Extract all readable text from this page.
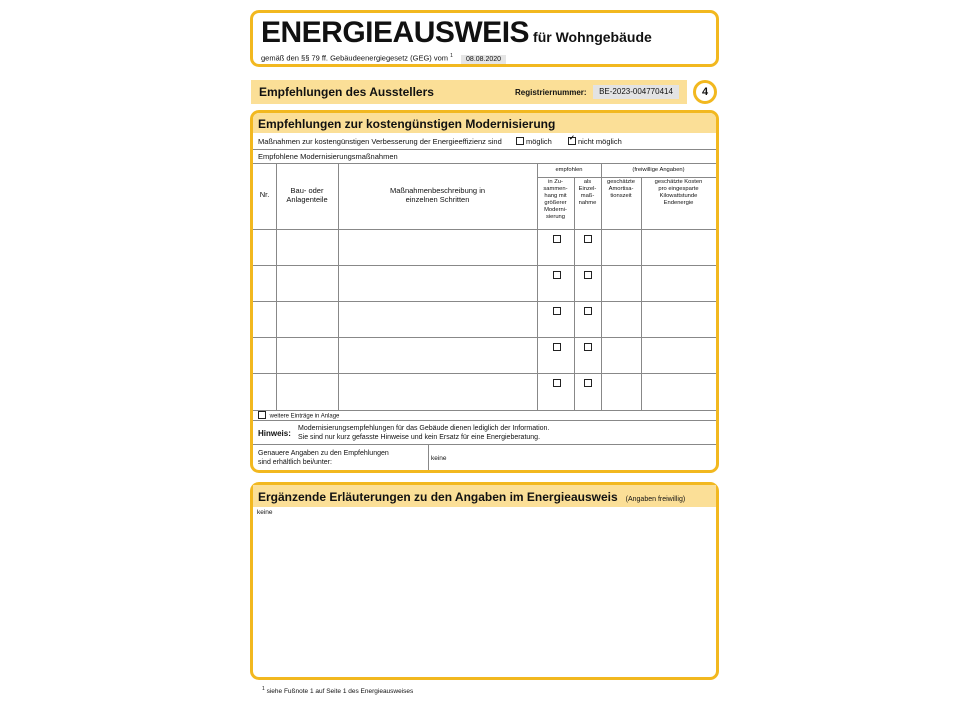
ENERGIEAUSWEIS für Wohngebäude
gemäß den §§ 79 ff. Gebäudeenergiegesetz (GEG) vom $^1$ 08.08.2020
Empfehlungen des Ausstellers	Registriernummer:	BE-2023-004770414	4
Empfehlungen zur kostengünstigen Modernisierung
Maßnahmen zur kostengünstigen Verbesserung der Energieeffizienz sind	möglich  ✓	nicht möglich
Empfohlene Modernisierungsmaßnahmen
Nr.	Bau- oder
Anlagenteile
Maßnahmenbeschreibung in
einzelnen Schritten
empfohlen	(freiwillige Angaben)
in Zu-
sammen-
hang mit
größerer
Moderni-
sierung
als
Einzel-
maß-
nahme
geschätzte
Amortisa-
tionszeit
geschätzte Kosten
pro eingesparte
Kilowattstunde
Endenergie
weitere Einträge in Anlage
Hinweis:
Modernisierungsempfehlungen für das Gebäude dienen lediglich der Information.
Sie sind nur kurz gefasste Hinweise und kein Ersatz für eine Energieberatung.
Genauere Angaben zu den Empfehlungen
sind erhältlich bei/unter:
keine
Ergänzende Erläuterungen zu den Angaben im Energieausweis (Angaben freiwillig)
keine
$^1$ siehe Fußnote 1 auf Seite 1 des Energieausweises
